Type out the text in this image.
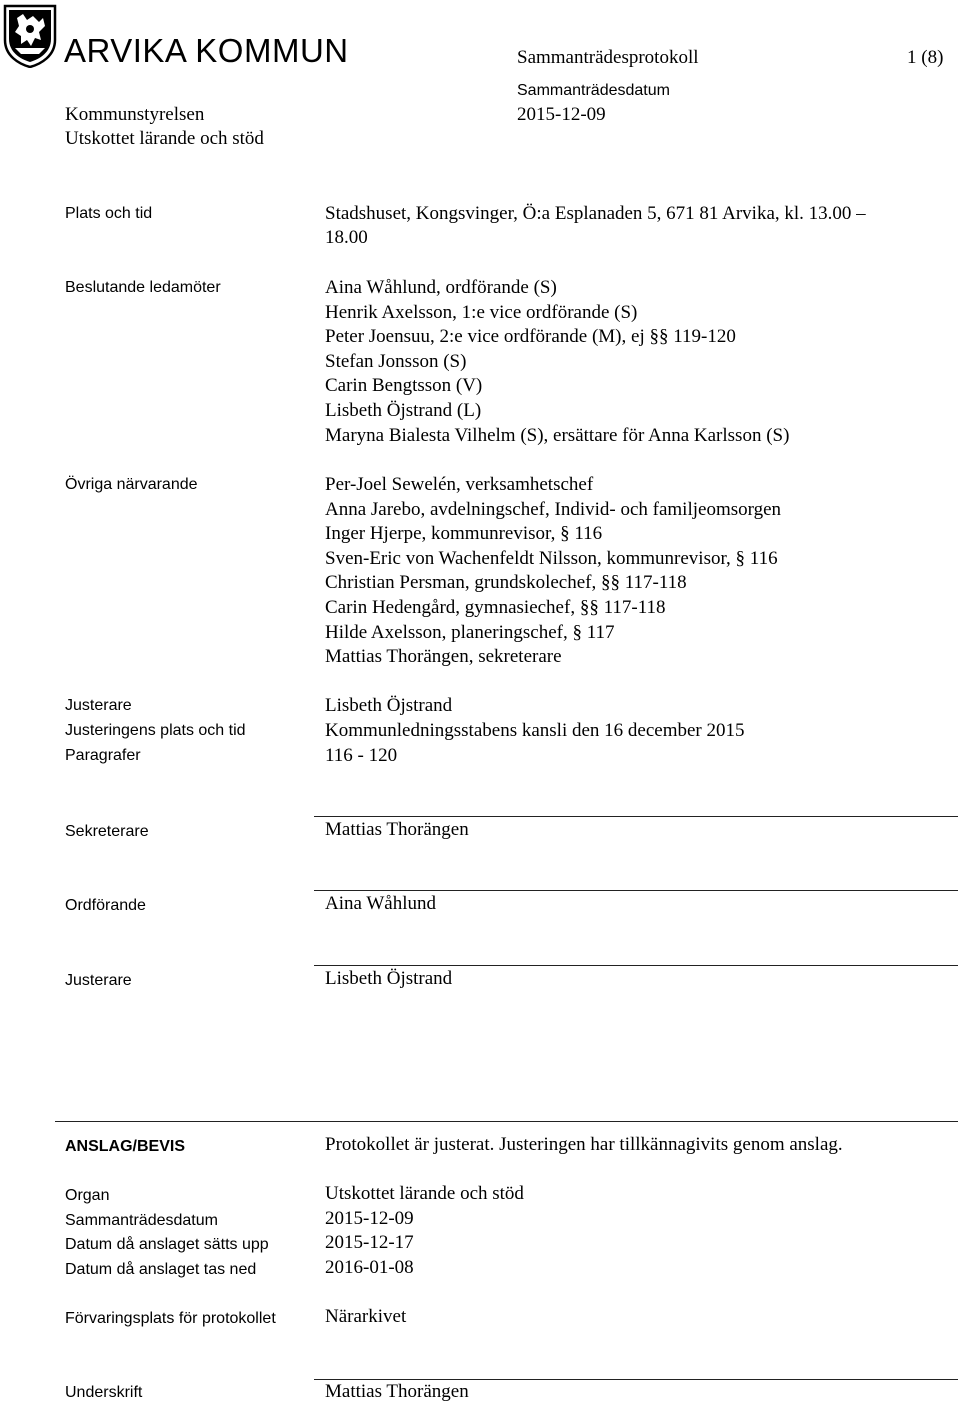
ARVIKA KOMMUN	Sammanträdesprotokoll	1 (8)
Sammanträdesdatum
Kommunstyrelsen	2015-12-09
Utskottet lärande och stöd
Plats och tid	Stadshuset, Kongsvinger, Ö:a Esplanaden 5, 671 81 Arvika, kl. 13.00 –
18.00
Beslutande ledamöter	Aina Wåhlund, ordförande (S)
Henrik Axelsson, 1:e vice ordförande (S)
Peter Joensuu, 2:e vice ordförande (M), ej §§ 119-120
Stefan Jonsson (S)
Carin Bengtsson (V)
Lisbeth Öjstrand (L)
Maryna Bialesta Vilhelm (S), ersättare för Anna Karlsson (S)
Övriga närvarande	Per-Joel Sewelén, verksamhetschef
Anna Jarebo, avdelningschef, Individ- och familjeomsorgen
Inger Hjerpe, kommunrevisor, § 116
Sven-Eric von Wachenfeldt Nilsson, kommunrevisor, § 116
Christian Persman, grundskolechef, §§ 117-118
Carin Hedengård, gymnasiechef, §§ 117-118
Hilde Axelsson, planeringschef, § 117
Mattias Thorängen, sekreterare
Justerare	Lisbeth Öjstrand
Justeringens plats och tid	Kommunledningsstabens kansli den 16 december 2015
Paragrafer	116 - 120
Sekreterare	Mattias Thorängen
Ordförande	Aina Wåhlund
Justerare	Lisbeth Öjstrand
ANSLAG/BEVIS	Protokollet är justerat. Justeringen har tillkännagivits genom anslag.
Organ	Utskottet lärande och stöd
Sammanträdesdatum	2015-12-09
Datum då anslaget sätts upp	2015-12-17
Datum då anslaget tas ned	2016-01-08
Förvaringsplats för protokollet	Närarkivet
Underskrift	Mattias Thorängen
